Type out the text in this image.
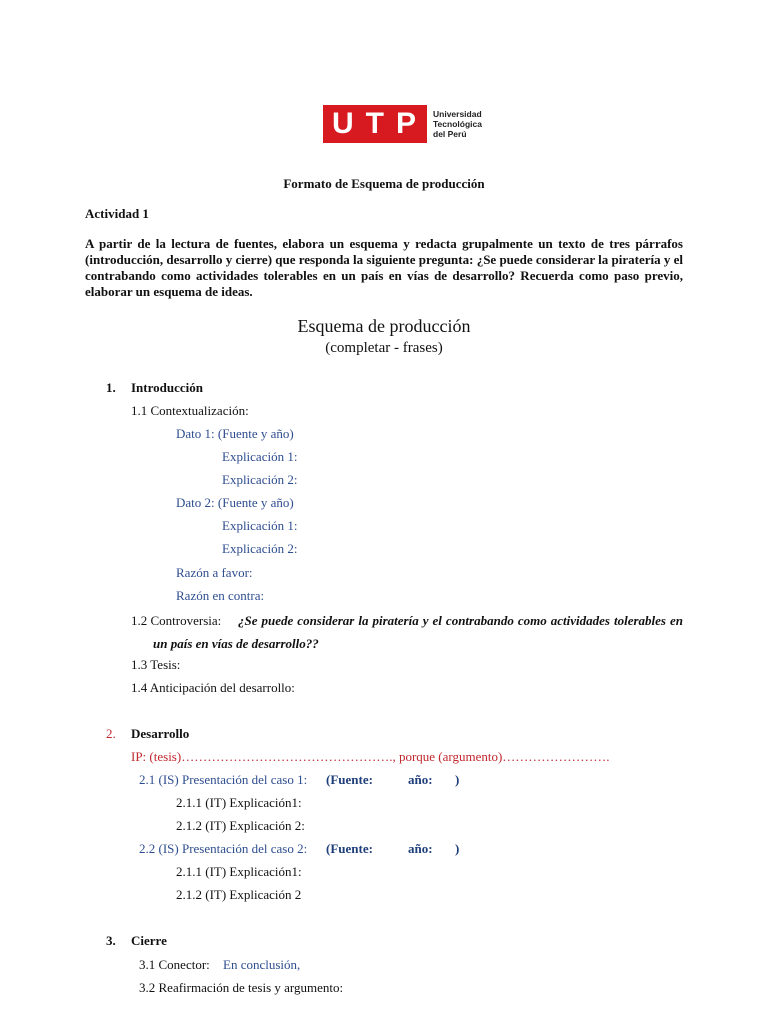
U T P Universidad
Tecnológica
del Perú
Formato de Esquema de producción
Actividad 1
A partir de la lectura de fuentes, elabora un esquema y redacta grupalmente un texto de tres párrafos (introducción, desarrollo y cierre) que responda la siguiente pregunta: ¿Se puede considerar la piratería y el contrabando como actividades tolerables en un país en vías de desarrollo? Recuerda como paso previo, elaborar un esquema de ideas.
Esquema de producción
(completar - frases)
1. Introducción
1.1 Contextualización:
Dato 1: (Fuente y año)
Explicación 1:
Explicación 2:
Dato 2: (Fuente y año)
Explicación 1:
Explicación 2:
Razón a favor:
Razón en contra:
1.2 Controversia:	¿Se puede considerar la piratería y el contrabando como actividades tolerables en un país en vías de desarrollo??
1.3 Tesis:
1.4 Anticipación del desarrollo:
2. Desarrollo
IP: (tesis)…………………………………………., porque (argumento)…………………….
2.1 (IS) Presentación del caso 1: (Fuente:	año: )
2.1.1 (IT) Explicación1:
2.1.2 (IT) Explicación 2:
2.2 (IS) Presentación del caso 2: (Fuente:	año: )
2.1.1 (IT) Explicación1:
2.1.2 (IT) Explicación 2
3. Cierre
3.1 Conector: En conclusión,
3.2 Reafirmación de tesis y argumento:
